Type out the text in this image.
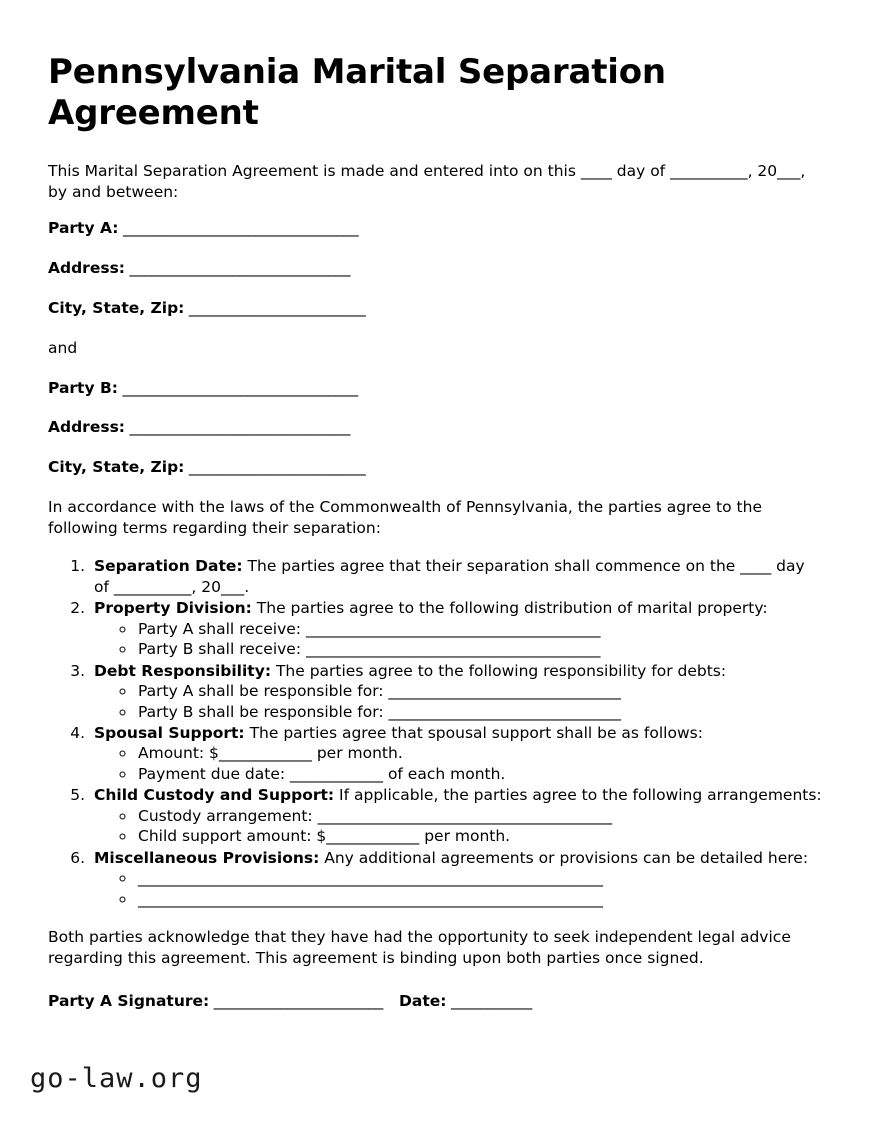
Pennsylvania Marital Separation Agreement

This Marital Separation Agreement is made and entered into on this ____ day of __________, 20___, by and between:

Party A: ________________________________
Address: ______________________________
City, State, Zip: ________________________
and
Party B: ________________________________
Address: ______________________________
City, State, Zip: ________________________

In accordance with the laws of the Commonwealth of Pennsylvania, the parties agree to the following terms regarding their separation:

1. Separation Date: The parties agree that their separation shall commence on the ____ day of __________, 20___.
2. Property Division: The parties agree to the following distribution of marital property:
◦ Party A shall receive: ______________________________________
◦ Party B shall receive: ______________________________________
3. Debt Responsibility: The parties agree to the following responsibility for debts:
◦ Party A shall be responsible for: ______________________________
◦ Party B shall be responsible for: ______________________________
4. Spousal Support: The parties agree that spousal support shall be as follows:
◦ Amount: $____________ per month.
◦ Payment due date: ____________ of each month.
5. Child Custody and Support: If applicable, the parties agree to the following arrangements:
◦ Custody arrangement: ______________________________________
◦ Child support amount: $____________ per month.
6. Miscellaneous Provisions: Any additional agreements or provisions can be detailed here:
◦ ____________________________________________________________
◦ ____________________________________________________________

Both parties acknowledge that they have had the opportunity to seek independent legal advice regarding this agreement. This agreement is binding upon both parties once signed.

Party A Signature: _______________________ Date: ___________
go-law.org
